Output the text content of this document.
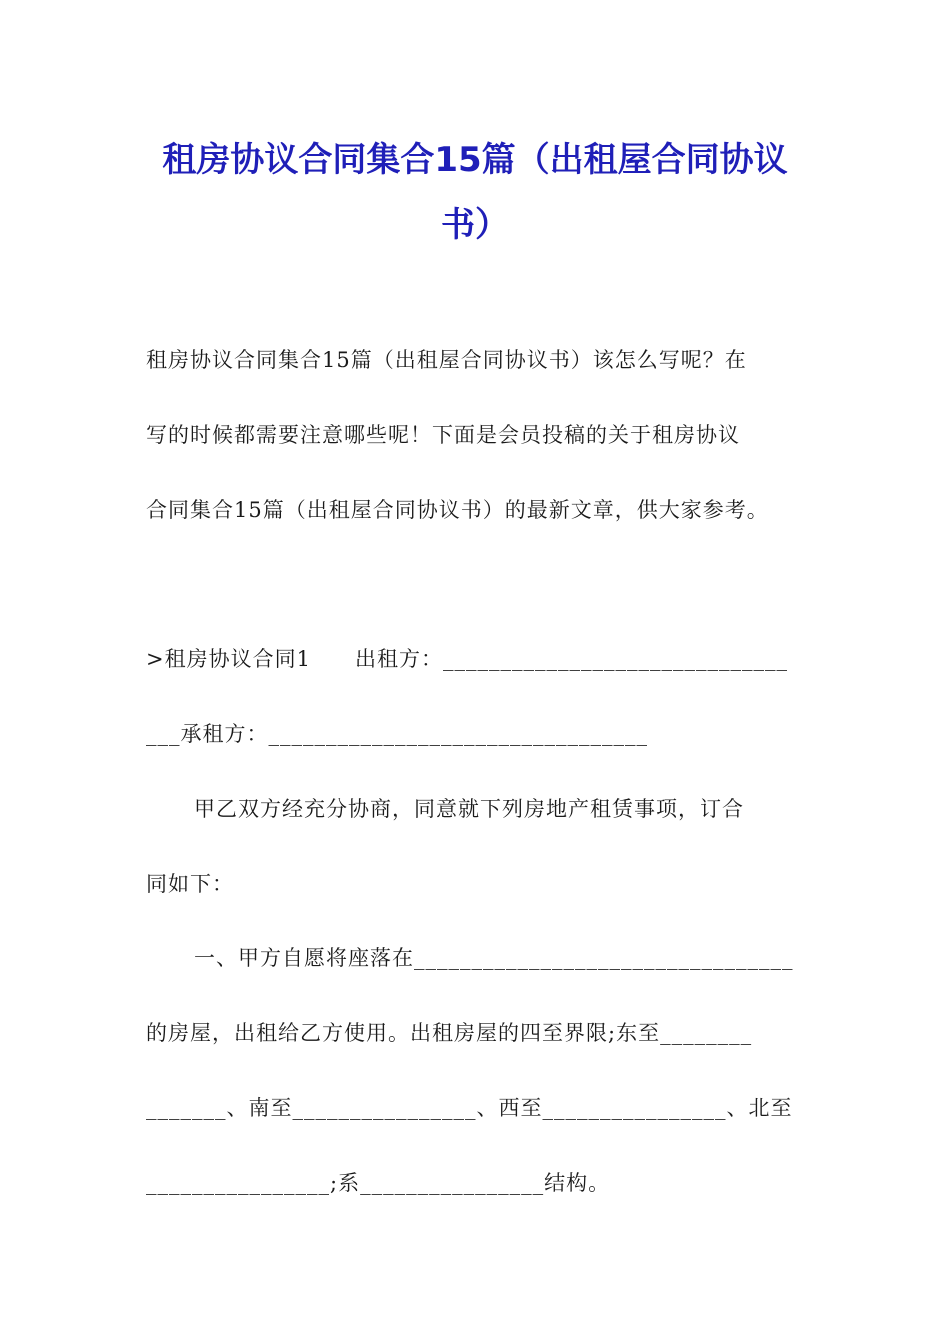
租房协议合同集合15篇（出租屋合同协议
书）
租房协议合同集合15篇（出租屋合同协议书）该怎么写呢？在
写的时候都需要注意哪些呢！下面是会员投稿的关于租房协议
合同集合15篇（出租屋合同协议书）的最新文章，供大家参考。
>租房协议合同1　　出租方：______________________________
___承租方：_________________________________
甲乙双方经充分协商，同意就下列房地产租赁事项，订合
同如下：
一、甲方自愿将座落在_________________________________
的房屋，出租给乙方使用。出租房屋的四至界限;东至________
_______、南至________________、西至________________、北至
________________;系________________结构。
